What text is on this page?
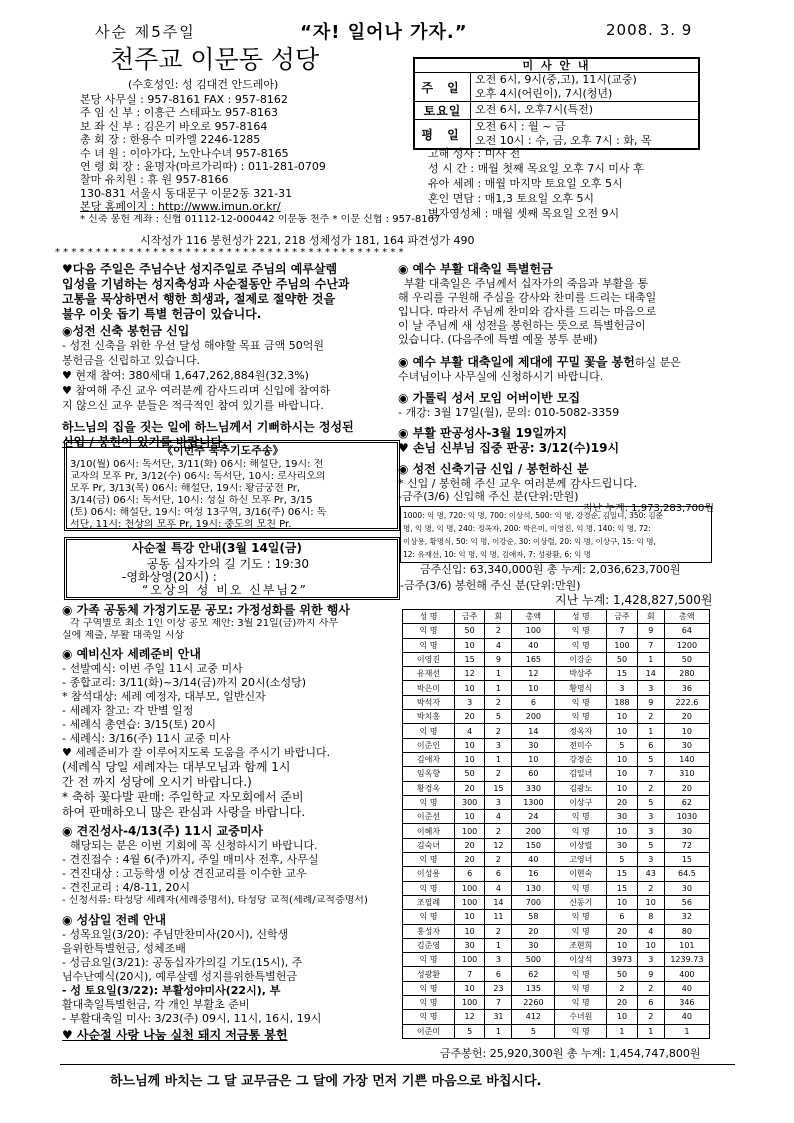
사순 제5주일	“자! 일어나 가자.”	2008. 3. 9
천주교 이문동 성당
(수호성인: 성 김대건 안드레아)
본당 사무실 : 957-8161 FAX : 957-8162
주 임 신 부 : 이흥근 스테파노 957-8163
보 좌 신 부 : 김은기 바오로 957-8164
총 회 장 : 한용수 미카엘 2246-1285
수 녀 원 : 이아가다, 노안나수녀 957-8165
연 령 회 장 : 윤명자(마르가리따) : 011-281-0709
찰마 유치원 : 휴 원 957-8166
130-831 서울시 동대문구 이문2동 321-31
본당 홈페이지 : http://www.imun.or.kr/
* 신축 봉헌 계좌 : 신협 01112-12-000442 이문동 천주 * 이문 신협 : 957-8167
미 사 안 내
주 일
오전 6시, 9시(중,고), 11시(교중)
오후 4시(어린이), 7시(청년)
토요일	오전 6시, 오후7시(특전)
평 일
오전 6시 : 월 ~ 금
오전 10시 : 수, 금, 오후 7시 : 화, 목
고해 성사 : 미사 전
성 시 간 : 매월 첫째 목요일 오후 7시 미사 후
유아 세례 : 매월 마지막 토요일 오후 5시
혼인 면담 : 매1,3 토요일 오후 5시
병자영성체 : 매월 셋째 목요일 오전 9시
시작성가 116 봉헌성가 221, 218 성체성가 181, 164 파견성가 490
* * * * * * * * * * * * * * * * * * * * * * * * * * * * * * * * * * * * * * * * * * *
♥다음 주일은 주님수난 성지주일로 주님의 예루살렘
입성을 기념하는 성지축성과 사순절동안 주님의 수난과
고통을 묵상하면서 행한 희생과, 절제로 절약한 것을
불우 이웃 돕기 특별 헌금이 있습니다.
◉성전 신축 봉헌금 신입
- 성전 신축을 위한 우선 달성 해야할 목표 금액 50억원
봉헌금을 신립하고 있습니다.
♥ 현재 참여: 380세대 1,647,262,884원(32.3%)
♥ 참여해 주신 교우 여러분께 감사드리며 신입에 참여하
지 않으신 교우 분들은 적극적인 참여 있기를 바랍니다.
하느님의 집을 짓는 일에 하느님께서 기뻐하시는 정성된
신입 / 봉헌이 있기를 바랍니다.
《이번주 묵주기도주송》
3/10(월) 06시: 독서단, 3/11(화) 06시: 해설단, 19시: 전
교자의 모후 Pr, 3/12(수) 06시: 독서단, 10시: 로사리오의
모후 Pr, 3/13(목) 06시: 해설단, 19시: 황금궁전 Pr,
3/14(금) 06시: 독서단, 10시: 성실 하신 모후 Pr, 3/15
(토) 06시: 해설단, 19시: 여성 13구역, 3/16(주) 06시: 독
서단, 11시: 천상의 모후 Pr, 19시: 중도의 모친 Pr.
사순절 특강 안내(3월 14일(금)
공동 십자가의 길 기도 : 19:30
-영화상영(20시) :
“오상의 성 비오 신부님2”
◉ 가족 공동체 가정기도문 공모: 가정성화를 위한 행사
각 구역별로 최소 1인 이상 공모 제안: 3월 21일(금)까지 사무
실에 제출, 부활 대축일 시상
◉ 예비신자 세례준비 안내
- 선발예식: 이번 주일 11시 교중 미사
- 종합교리: 3/11(화)~3/14(금)까지 20시(소성당)
* 참석대상: 세례 예정자, 대부모, 일반신자
- 세례자 찰고: 각 반별 일정
- 세례식 총연습: 3/15(토) 20시
- 세례식: 3/16(주) 11시 교중 미사
♥ 세례준비가 잘 이루어지도록 도움을 주시기 바랍니다.
(세례식 당일 세례자는 대부모님과 함께 1시
간 전 까지 성당에 오시기 바랍니다.)
* 축하 꽃다발 판매: 주일학교 자모회에서 준비
하여 판매하오니 많은 관심과 사랑을 바랍니다.
◉ 견진성사-4/13(주) 11시 교중미사
해당되는 분은 이번 기회에 꼭 신청하시기 바랍니다.
- 견진접수 : 4월 6(주)까지, 주일 매미사 전후, 사무실
- 견진대상 : 고등학생 이상 견진교리를 이수한 교우
- 견진교리 : 4/8-11, 20시
- 신청서류: 타성당 세례자(세례증명서), 타성당 교적(세례/교적증명서)
◉ 성삼일 전례 안내
- 성목요일(3/20): 주님만찬미사(20시), 신학생
을위한특별헌금, 성체조배
- 성금요일(3/21): 공동십자가의길 기도(15시), 주
님수난예식(20시), 예루살렘 성지를위한특별헌금
- 성 토요일(3/22): 부활성야미사(22시), 부
활대축일특별헌금, 각 개인 부활초 준비
- 부활대축일 미사: 3/23(주) 09시, 11시, 16시, 19시
♥ 사순절 사랑 나눔 실천 돼지 저금통 봉헌
◉ 예수 부활 대축일 특별헌금
부활 대축일은 주님께서 십자가의 죽음과 부활을 통
해 우리를 구원해 주심을 감사와 찬미를 드리는 대축일
입니다. 따라서 주님께 찬미와 감사를 드리는 마음으로
이 날 주님께 새 성전을 봉헌하는 뜻으로 특별헌금이
있습니다. (다음주에 특별 예물 봉투 분배)
◉ 예수 부활 대축일에 제대에 꾸밀 꽃을 봉헌하실 분은
수녀님이나 사무실에 신청하시기 바랍니다.
◉ 가톨릭 성서 모임 어버이반 모집
- 개강: 3월 17일(월), 문의: 010-5082-3359
◉ 부활 판공성사-3월 19일까지
♥ 손님 신부님 집중 판공: 3/12(수)19시
◉ 성전 신축기금 신입 / 봉헌하신 분
* 신입 / 봉헌해 주신 교우 여러분께 감사드립니다.
-금주(3/6) 신입해 주신 분(단위:만원)
지난 누계: 1,973,283,700원
1000: 익 명, 720: 익 명, 700: 이상석, 500: 익 명, 강경순, 김일녀, 350: 김준
명, 익 명, 익 명, 240: 정옥자, 200: 박은미, 이영진, 익 명, 140: 익 명, 72:
이상용, 황명식, 50: 익 명, 이강순, 30: 이상렬, 20: 익 명, 이상구, 15: 익 명,
12: 유재선, 10: 익 명, 익 명, 김애자, 7: 성광환, 6: 익 명
금주신입: 63,340,000원 총 누계: 2,036,623,700원
-금주(3/6) 봉헌해 주신 분(단위:만원)
지난 누계: 1,428,827,500원
성 명	금주	회	총액	성 명	금주	회	총액
익 명	50	2	100	익 명	7	9	64
익 명	10	4	40	익 명	100	7	1200
이영진	15	9	165	이강순	50	1	50
유재선	12	1	12	박상주	15	14	280
박은미	10	1	10	황명식	3	3	36
박석자	3	2	6	익 명	188	9	222.6
박치홍	20	5	200	익 명	10	2	20
익 명	4	2	14	정옥자	10	1	10
이준인	10	3	30	전미수	5	6	30
김애자	10	1	10	강경순	10	5	140
임옥향	50	2	60	김일녀	10	7	310
황경옥	20	15	330	김광노	10	2	20
익 명	300	3	1300	이상구	20	5	62
이준선	10	4	24	익 명	30	3	1030
이혜자	100	2	200	익 명	10	3	30
김숙녀	20	12	150	이상렬	30	5	72
익 명	20	2	40	고영녀	5	3	15
이성용	6	6	16	이현숙	15	43	64.5
익 명	100	4	130	익 명	15	2	30
조필례	100	14	700	신동기	10	10	56
익 명	10	11	58	익 명	6	8	32
홍성자	10	2	20	익 명	20	4	80
김준영	30	1	30	조현희	10	10	101
익 명	100	3	500	이상석	3973	3	1239.73
성광환	7	6	62	익 명	50	9	400
익 명	10	23	135	익 명	2	2	40
익 명	100	7	2260	익 명	20	6	346
익 명	12	31	412	수녀원	10	2	40
이준미	5	1	5	익 명	1	1	1
금주봉헌: 25,920,300원 총 누계: 1,454,747,800원
하느님께 바치는 그 달 교무금은 그 달에 가장 먼저 기쁜 마음으로 바칩시다.
